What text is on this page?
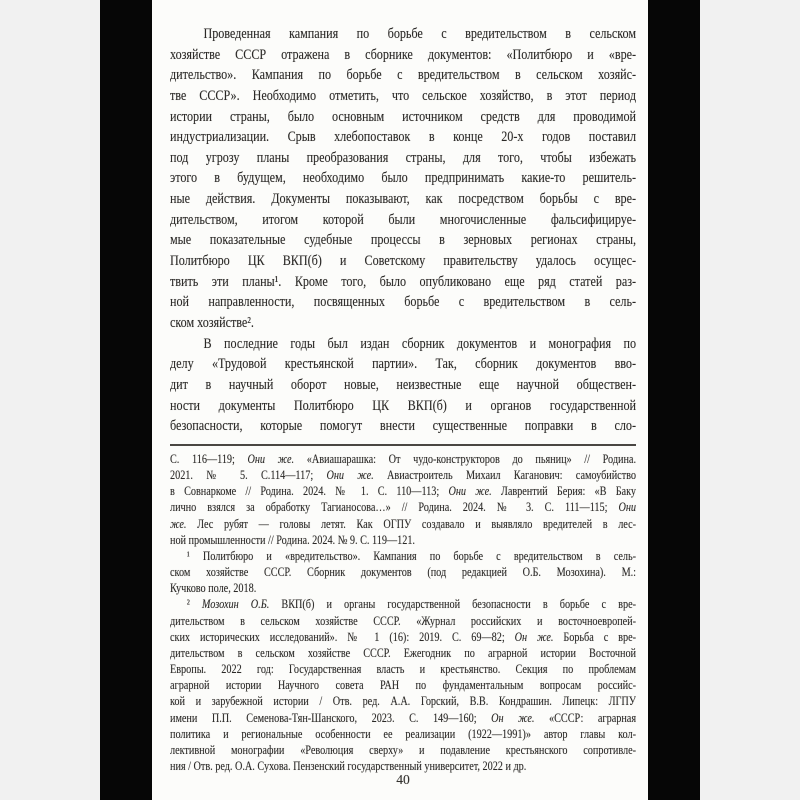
Проведенная кампания по борьбе с вредительством в сельском
хозяйстве СССР отражена в сборнике документов: «Политбюро и «вре-
дительство». Кампания по борьбе с вредительством в сельском хозяйс-
тве СССР». Необходимо отметить, что сельское хозяйство, в этот период
истории страны, было основным источником средств для проводимой
индустриализации. Срыв хлебопоставок в конце 20-х годов поставил
под угрозу планы преобразования страны, для того, чтобы избежать
этого в будущем, необходимо было предпринимать какие-то решитель-
ные действия. Документы показывают, как посредством борьбы с вре-
дительством, итогом которой были многочисленные фальсифицируе-
мые показательные судебные процессы в зерновых регионах страны,
Политбюро ЦК ВКП(б) и Советскому правительству удалось осущес-
твить эти планы¹. Кроме того, было опубликовано еще ряд статей раз-
ной направленности, посвященных борьбе с вредительством в сель-
ском хозяйстве².
В последние годы был издан сборник документов и монография по
делу «Трудовой крестьянской партии». Так, сборник документов вво-
дит в научный оборот новые, неизвестные еще научной обществен-
ности документы Политбюро ЦК ВКП(б) и органов государственной
безопасности, которые помогут внести существенные поправки в сло-
С. 116—119; Они же. «Авиашарашка: От чудо-конструкторов до пьяниц» // Родина.
2021. № 5. С.114—117; Они же. Авиастроитель Михаил Каганович: самоубийство
в Совнаркоме // Родина. 2024. № 1. С. 110—113; Они же. Лаврентий Берия: «В Баку
лично взялся за обработку Тагианосова…» // Родина. 2024. № 3. С. 111—115; Они
же. Лес рубят — головы летят. Как ОГПУ создавало и выявляло вредителей в лес-
ной промышленности // Родина. 2024. № 9. С. 119—121.
¹ Политбюро и «вредительство». Кампания по борьбе с вредительством в сель-
ском хозяйстве СССР. Сборник документов (под редакцией О.Б. Мозохина). М.:
Кучково поле, 2018.
² Мозохин О.Б. ВКП(б) и органы государственной безопасности в борьбе с вре-
дительством в сельском хозяйстве СССР. «Журнал российских и восточноевропей-
ских исторических исследований». № 1 (16): 2019. С. 69—82; Он же. Борьба с вре-
дительством в сельском хозяйстве СССР. Ежегодник по аграрной истории Восточной
Европы. 2022 год: Государственная власть и крестьянство. Секция по проблемам
аграрной истории Научного совета РАН по фундаментальным вопросам российс-
кой и зарубежной истории / Отв. ред. А.А. Горский, В.В. Кондрашин. Липецк: ЛГПУ
имени П.П. Семенова-Тян-Шанского, 2023. С. 149—160; Он же. «СССР: аграрная
политика и региональные особенности ее реализации (1922—1991)» автор главы кол-
лективной монографии «Революция сверху» и подавление крестьянского сопротивле-
ния / Отв. ред. О.А. Сухова. Пензенский государственный университет, 2022 и др.
40
